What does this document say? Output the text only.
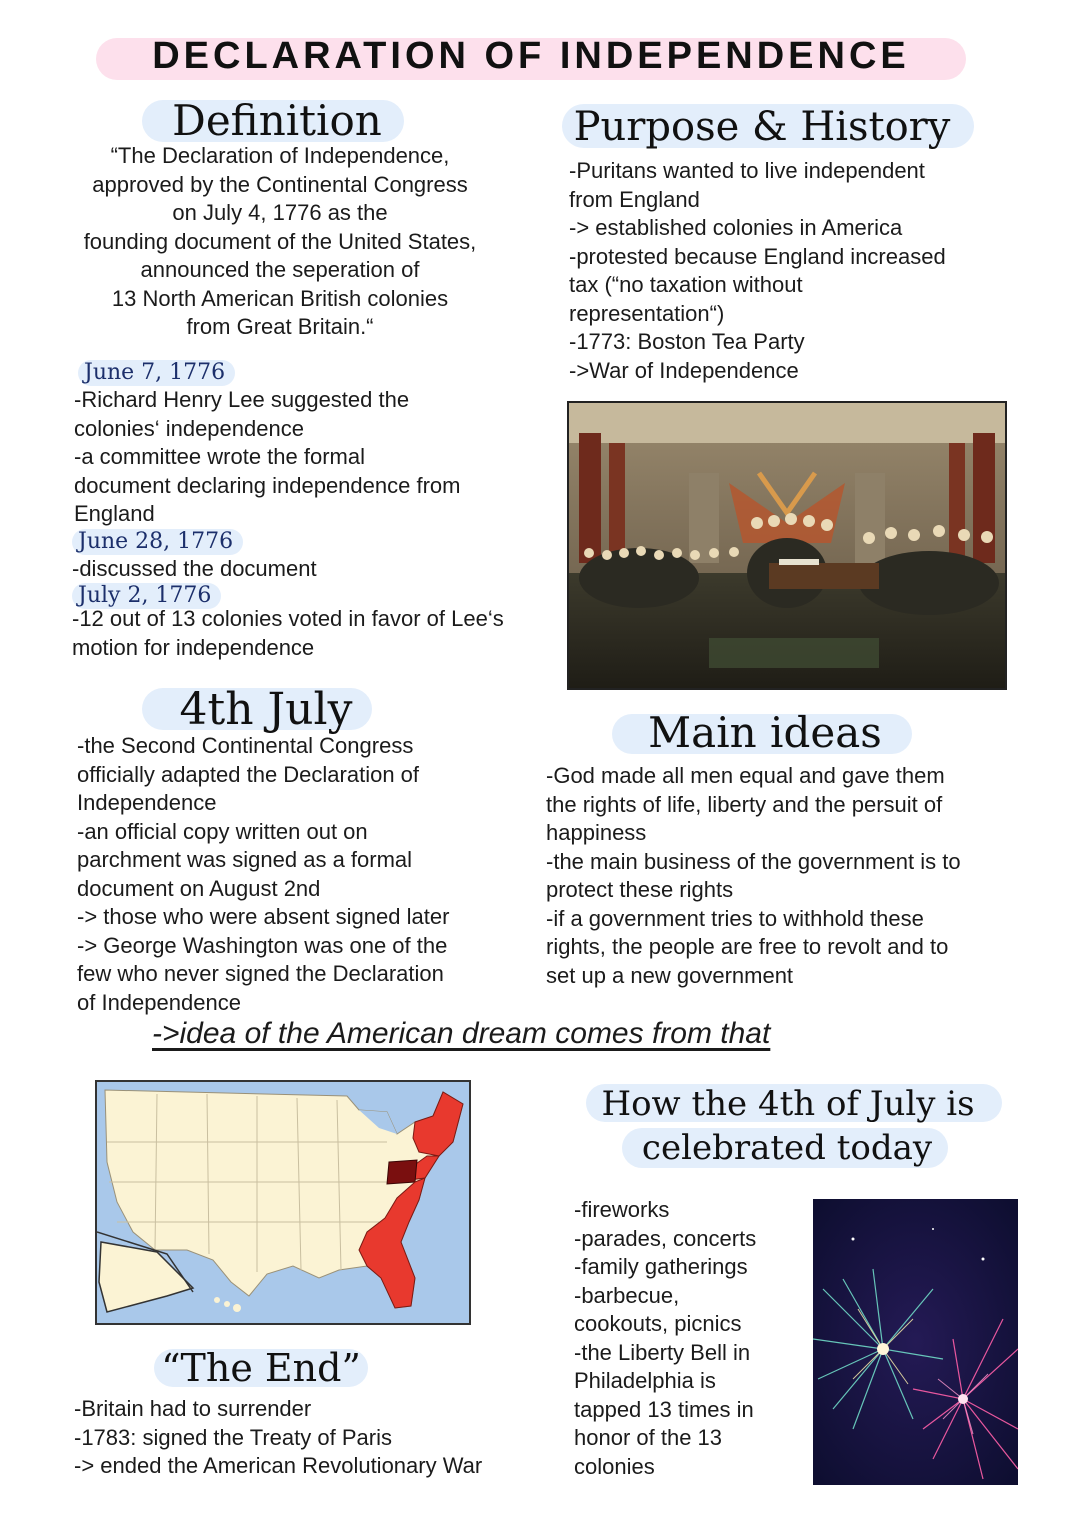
DECLARATION OF INDEPENDENCE
Definition
“The Declaration of Independence,
approved by the Continental Congress
on July 4, 1776 as the
founding document of the United States,
announced the seperation of
13 North American British colonies
from Great Britain.“
Purpose & History
-Puritans wanted to live independent
from England
-> established colonies in America
-protested because England increased
tax (“no taxation without
representation“)
-1773: Boston Tea Party
->War of Independence
June 7, 1776
-Richard Henry Lee suggested the
colonies‘ independence
-a committee wrote the formal
document declaring independence from
England
June 28, 1776
-discussed the document
July 2, 1776
-12 out of 13 colonies voted in favor of Lee‘s
motion for independence
4th July
-the Second Continental Congress
officially adapted the Declaration of
Independence
-an official copy written out on
parchment was signed as a formal
document on August 2nd
-> those who were absent signed later
-> George Washington was one of the
few who never signed the Declaration
of Independence
Main ideas
-God made all men equal and gave them
the rights of life, liberty and the persuit of
happiness
-the main business of the government is to
protect these rights
-if a government tries to withhold these
rights, the people are free to revolt and to
set up a new government
->idea of the American dream comes from that
How the 4th of July is
celebrated today
-fireworks
-parades, concerts
-family gatherings
-barbecue,
cookouts, picnics
-the Liberty Bell in
Philadelphia is
tapped 13 times in
honor of the 13
colonies
“The End”
-Britain had to surrender
-1783: signed the Treaty of Paris
-> ended the American Revolutionary War
